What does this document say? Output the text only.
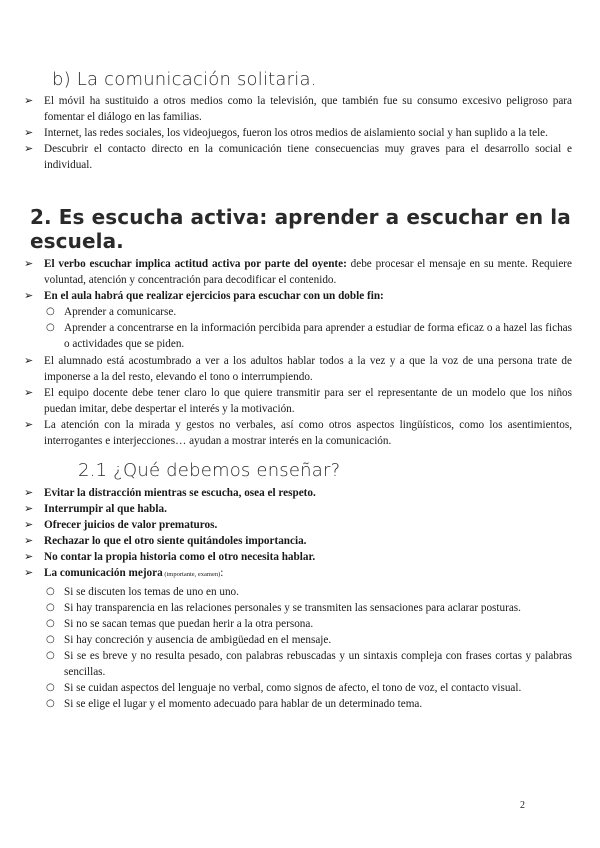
b) La comunicación solitaria.
➢ El móvil ha sustituido a otros medios como la televisión, que también fue su consumo excesivo peligroso para fomentar el diálogo en las familias.
➢ Internet, las redes sociales, los videojuegos, fueron los otros medios de aislamiento social y han suplido a la tele.
➢ Descubrir el contacto directo en la comunicación tiene consecuencias muy graves para el desarrollo social e individual.
2. Es escucha activa: aprender a escuchar en la escuela.
➢ El verbo escuchar implica actitud activa por parte del oyente: debe procesar el mensaje en su mente. Requiere voluntad, atención y concentración para decodificar el contenido.
➢ En el aula habrá que realizar ejercicios para escuchar con un doble fin:
○ Aprender a comunicarse.
○ Aprender a concentrarse en la información percibida para aprender a estudiar de forma eficaz o a hazel las fichas o actividades que se piden.
➢ El alumnado está acostumbrado a ver a los adultos hablar todos a la vez y a que la voz de una persona trate de imponerse a la del resto, elevando el tono o interrumpiendo.
➢ El equipo docente debe tener claro lo que quiere transmitir para ser el representante de un modelo que los niños puedan imitar, debe despertar el interés y la motivación.
➢ La atención con la mirada y gestos no verbales, así como otros aspectos lingüísticos, como los asentimientos, interrogantes e interjecciones… ayudan a mostrar interés en la comunicación.
2.1 ¿Qué debemos enseñar?
➢ Evitar la distracción mientras se escucha, osea el respeto.
➢ Interrumpir al que habla.
➢ Ofrecer juicios de valor prematuros.
➢ Rechazar lo que el otro siente quitándoles importancia.
➢ No contar la propia historia como el otro necesita hablar.
➢ La comunicación mejora (importante, examen):
○ Si se discuten los temas de uno en uno.
○ Si hay transparencia en las relaciones personales y se transmiten las sensaciones para aclarar posturas.
○ Si no se sacan temas que puedan herir a la otra persona.
○ Si hay concreción y ausencia de ambigüedad en el mensaje.
○ Si se es breve y no resulta pesado, con palabras rebuscadas y un sintaxis compleja con frases cortas y palabras sencillas.
○ Si se cuidan aspectos del lenguaje no verbal, como signos de afecto, el tono de voz, el contacto visual.
○ Si se elige el lugar y el momento adecuado para hablar de un determinado tema.
2
